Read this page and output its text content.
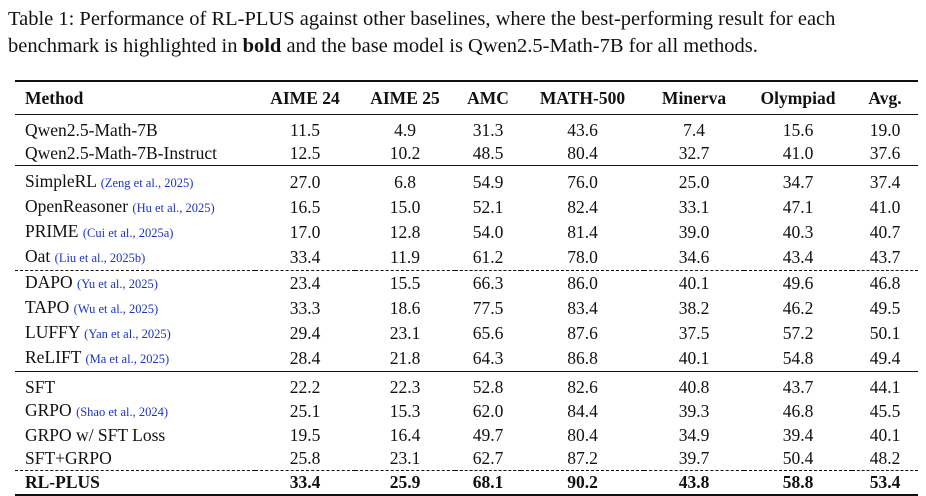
Table 1: Performance of RL-PLUS against other baselines, where the best-performing result for each benchmark is highlighted in bold and the base model is Qwen2.5-Math-7B for all methods.

Method	AIME 24	AIME 25	AMC	MATH-500	Minerva	Olympiad	Avg.
Qwen2.5-Math-7B	11.5	4.9	31.3	43.6	7.4	15.6	19.0
Qwen2.5-Math-7B-Instruct	12.5	10.2	48.5	80.4	32.7	41.0	37.6
SimpleRL (Zeng et al., 2025)	27.0	6.8	54.9	76.0	25.0	34.7	37.4
OpenReasoner (Hu et al., 2025)	16.5	15.0	52.1	82.4	33.1	47.1	41.0
PRIME (Cui et al., 2025a)	17.0	12.8	54.0	81.4	39.0	40.3	40.7
Oat (Liu et al., 2025b)	33.4	11.9	61.2	78.0	34.6	43.4	43.7
DAPO (Yu et al., 2025)	23.4	15.5	66.3	86.0	40.1	49.6	46.8
TAPO (Wu et al., 2025)	33.3	18.6	77.5	83.4	38.2	46.2	49.5
LUFFY (Yan et al., 2025)	29.4	23.1	65.6	87.6	37.5	57.2	50.1
ReLIFT (Ma et al., 2025)	28.4	21.8	64.3	86.8	40.1	54.8	49.4
SFT	22.2	22.3	52.8	82.6	40.8	43.7	44.1
GRPO (Shao et al., 2024)	25.1	15.3	62.0	84.4	39.3	46.8	45.5
GRPO w/ SFT Loss	19.5	16.4	49.7	80.4	34.9	39.4	40.1
SFT+GRPO	25.8	23.1	62.7	87.2	39.7	50.4	48.2
RL-PLUS	33.4	25.9	68.1	90.2	43.8	58.8	53.4
